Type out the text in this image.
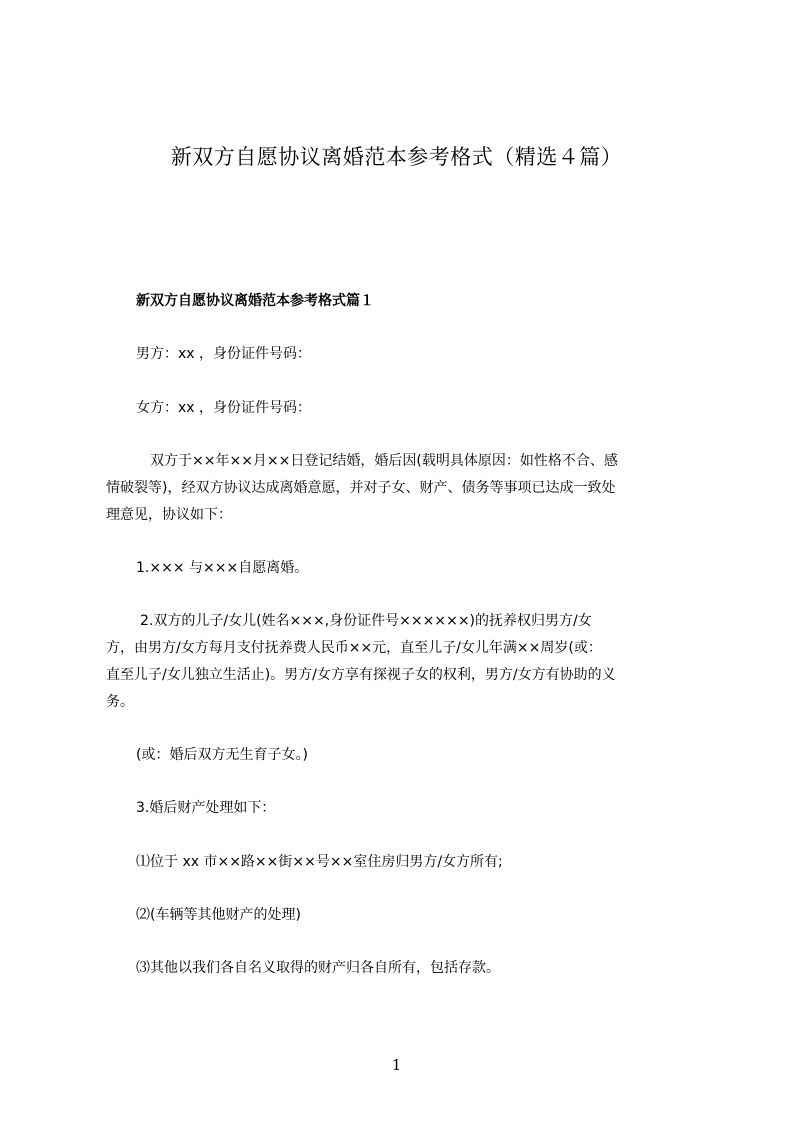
新双方自愿协议离婚范本参考格式（精选４篇）
新双方自愿协议离婚范本参考格式篇１
男方：xx ，身份证件号码：
女方：xx ，身份证件号码：
双方于××年××月××日登记结婚，婚后因(载明具体原因：如性格不合、感
情破裂等)，经双方协议达成离婚意愿，并对子女、财产、债务等事项已达成一致处
理意见，协议如下：
1.××× 与×××自愿离婚。
2.双方的儿子/女儿(姓名×××,身份证件号××××××)的抚养权归男方/女
方，由男方/女方每月支付抚养费人民币××元，直至儿子/女儿年满××周岁(或：
直至儿子/女儿独立生活止)。男方/女方享有探视子女的权利，男方/女方有协助的义
务。
(或：婚后双方无生育子女。)
3.婚后财产处理如下：
⑴位于 xx 市××路××街××号××室住房归男方/女方所有;
⑵(车辆等其他财产的处理)
⑶其他以我们各自名义取得的财产归各自所有，包括存款。
1
